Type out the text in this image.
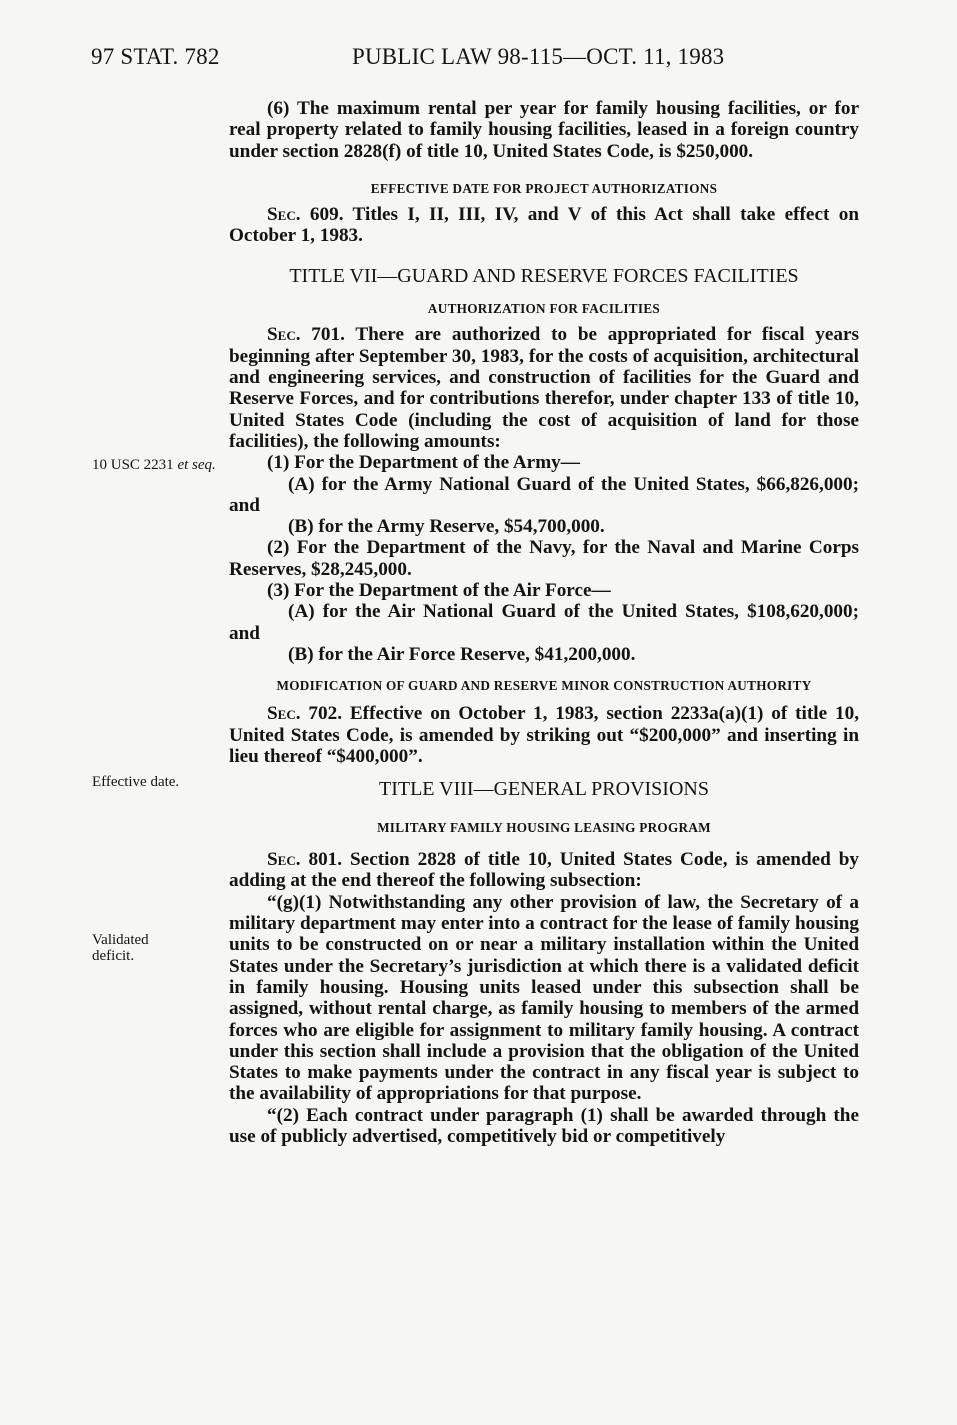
97 STAT. 782	PUBLIC LAW 98-115—OCT. 11, 1983
10 USC 2231 et seq.
Effective date.
Validated deficit.

(6) The maximum rental per year for family housing facilities, or for real property related to family housing facilities, leased in a foreign country under section 2828(f) of title 10, United States Code, is $250,000.

EFFECTIVE DATE FOR PROJECT AUTHORIZATIONS

Sec. 609. Titles I, II, III, IV, and V of this Act shall take effect on October 1, 1983.

TITLE VII—GUARD AND RESERVE FORCES FACILITIES

AUTHORIZATION FOR FACILITIES

Sec. 701. There are authorized to be appropriated for fiscal years beginning after September 30, 1983, for the costs of acquisition, architectural and engineering services, and construction of facilities for the Guard and Reserve Forces, and for contributions therefor, under chapter 133 of title 10, United States Code (including the cost of acquisition of land for those facilities), the following amounts:

(1) For the Department of the Army—

(A) for the Army National Guard of the United States, $66,826,000; and

(B) for the Army Reserve, $54,700,000.

(2) For the Department of the Navy, for the Naval and Marine Corps Reserves, $28,245,000.

(3) For the Department of the Air Force—

(A) for the Air National Guard of the United States, $108,620,000; and

(B) for the Air Force Reserve, $41,200,000.

MODIFICATION OF GUARD AND RESERVE MINOR CONSTRUCTION AUTHORITY

Sec. 702. Effective on October 1, 1983, section 2233a(a)(1) of title 10, United States Code, is amended by striking out “$200,000” and inserting in lieu thereof “$400,000”.

TITLE VIII—GENERAL PROVISIONS

MILITARY FAMILY HOUSING LEASING PROGRAM

Sec. 801. Section 2828 of title 10, United States Code, is amended by adding at the end thereof the following subsection:

“(g)(1) Notwithstanding any other provision of law, the Secretary of a military department may enter into a contract for the lease of family housing units to be constructed on or near a military installation within the United States under the Secretary’s jurisdiction at which there is a validated deficit in family housing. Housing units leased under this subsection shall be assigned, without rental charge, as family housing to members of the armed forces who are eligible for assignment to military family housing. A contract under this section shall include a provision that the obligation of the United States to make payments under the contract in any fiscal year is subject to the availability of appropriations for that purpose.

“(2) Each contract under paragraph (1) shall be awarded through the use of publicly advertised, competitively bid or competitively
